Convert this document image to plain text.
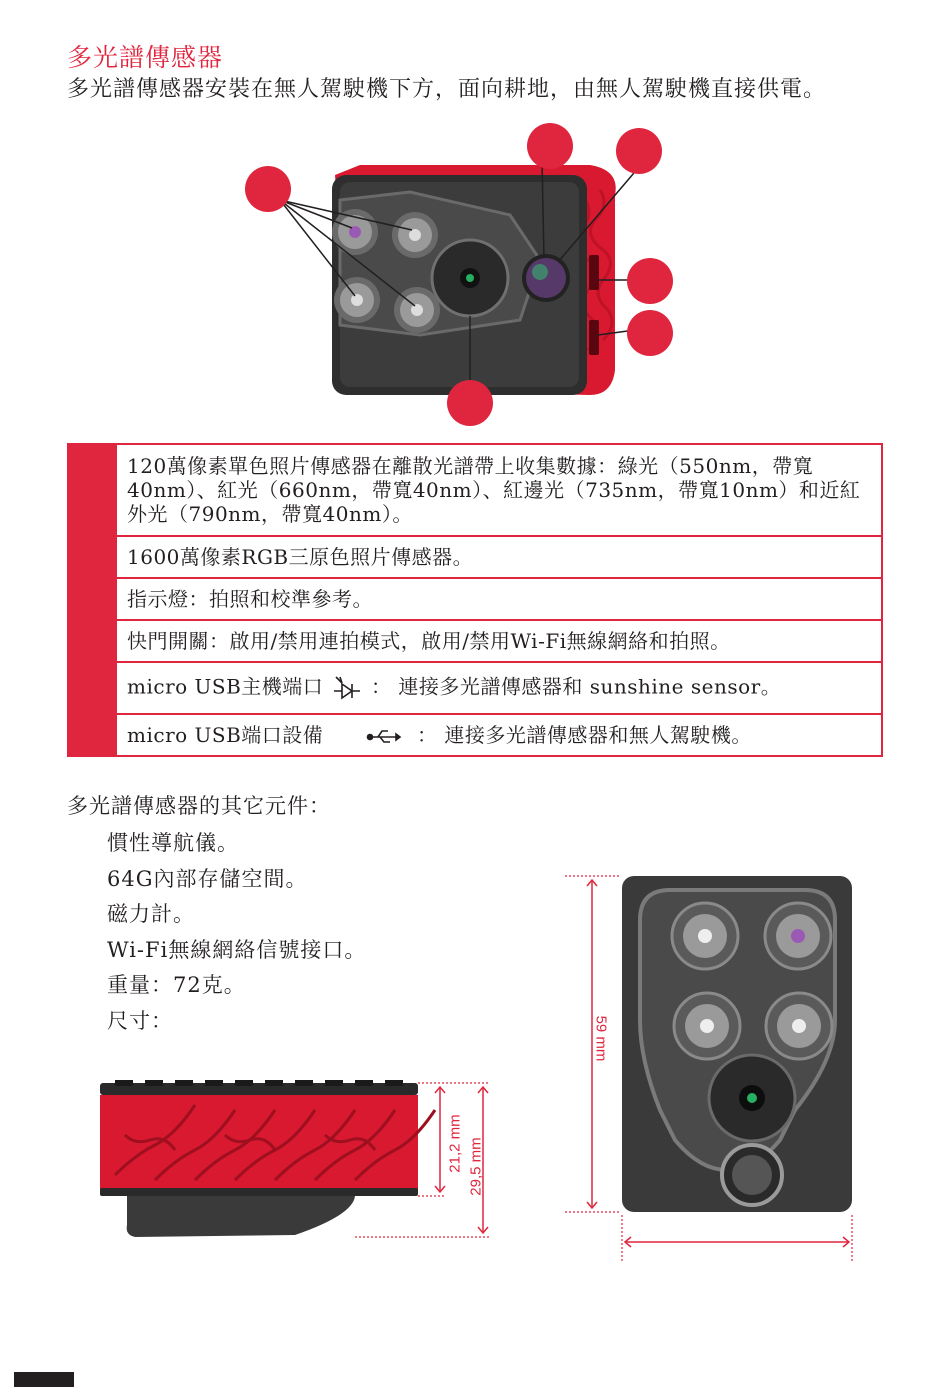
多光譜傳感器
多光譜傳感器安裝在無人駕駛機下方，面向耕地，由無人駕駛機直接供電。
	120萬像素單色照片傳感器在離散光譜帶上收集數據：綠光（550nm，帶寬40nm）、紅光（660nm，帶寬40nm）、紅邊光（735nm，帶寬10nm）和近紅外光（790nm，帶寬40nm）。
	1600萬像素RGB三原色照片傳感器。
	指示燈：拍照和校準參考。
	快門開關：啟用/禁用連拍模式，啟用/禁用Wi-Fi無線網絡和拍照。
	micro USB主機端口 ： 連接多光譜傳感器和 sunshine sensor。
	micro USB端口設備 ： 連接多光譜傳感器和無人駕駛機。
多光譜傳感器的其它元件：
慣性導航儀。
64G內部存儲空間。
磁力計。
Wi-Fi無線網絡信號接口。
重量：72克。
尺寸：
21,2 mm 29,5 mm
59 mm
